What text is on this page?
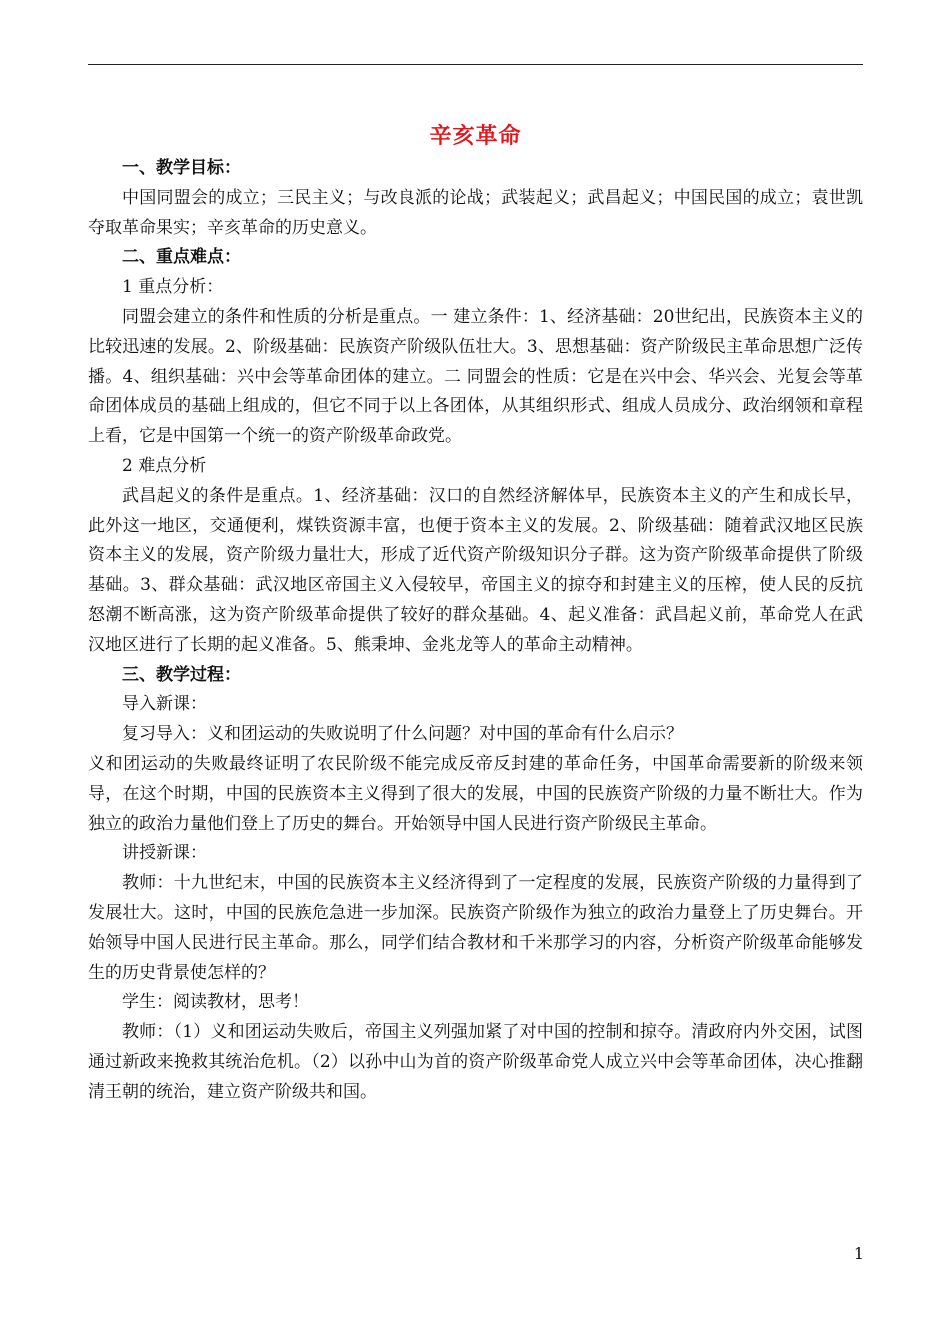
辛亥革命
一、教学目标：

中国同盟会的成立；三民主义；与改良派的论战；武装起义；武昌起义；中国民国的成立；袁世凯夺取革命果实；辛亥革命的历史意义。

二、重点难点：

1 重点分析：

同盟会建立的条件和性质的分析是重点。一 建立条件：1、经济基础：20世纪出，民族资本主义的比较迅速的发展。2、阶级基础：民族资产阶级队伍壮大。3、思想基础：资产阶级民主革命思想广泛传播。4、组织基础：兴中会等革命团体的建立。二 同盟会的性质：它是在兴中会、华兴会、光复会等革命团体成员的基础上组成的，但它不同于以上各团体，从其组织形式、组成人员成分、政治纲领和章程上看，它是中国第一个统一的资产阶级革命政党。

2 难点分析

武昌起义的条件是重点。1、经济基础：汉口的自然经济解体早，民族资本主义的产生和成长早，此外这一地区，交通便利，煤铁资源丰富，也便于资本主义的发展。2、阶级基础：随着武汉地区民族资本主义的发展，资产阶级力量壮大，形成了近代资产阶级知识分子群。这为资产阶级革命提供了阶级基础。3、群众基础：武汉地区帝国主义入侵较早，帝国主义的掠夺和封建主义的压榨，使人民的反抗怒潮不断高涨，这为资产阶级革命提供了较好的群众基础。4、起义准备：武昌起义前，革命党人在武汉地区进行了长期的起义准备。5、熊秉坤、金兆龙等人的革命主动精神。

三、教学过程：

导入新课：

复习导入：义和团运动的失败说明了什么问题？对中国的革命有什么启示？

义和团运动的失败最终证明了农民阶级不能完成反帝反封建的革命任务，中国革命需要新的阶级来领导，在这个时期，中国的民族资本主义得到了很大的发展，中国的民族资产阶级的力量不断壮大。作为独立的政治力量他们登上了历史的舞台。开始领导中国人民进行资产阶级民主革命。

讲授新课：

教师：十九世纪末，中国的民族资本主义经济得到了一定程度的发展，民族资产阶级的力量得到了发展壮大。这时，中国的民族危急进一步加深。民族资产阶级作为独立的政治力量登上了历史舞台。开始领导中国人民进行民主革命。那么，同学们结合教材和千米那学习的内容，分析资产阶级革命能够发生的历史背景使怎样的？

学生：阅读教材，思考！

教师：（1）义和团运动失败后，帝国主义列强加紧了对中国的控制和掠夺。清政府内外交困，试图通过新政来挽救其统治危机。（2）以孙中山为首的资产阶级革命党人成立兴中会等革命团体，决心推翻清王朝的统治，建立资产阶级共和国。

1
